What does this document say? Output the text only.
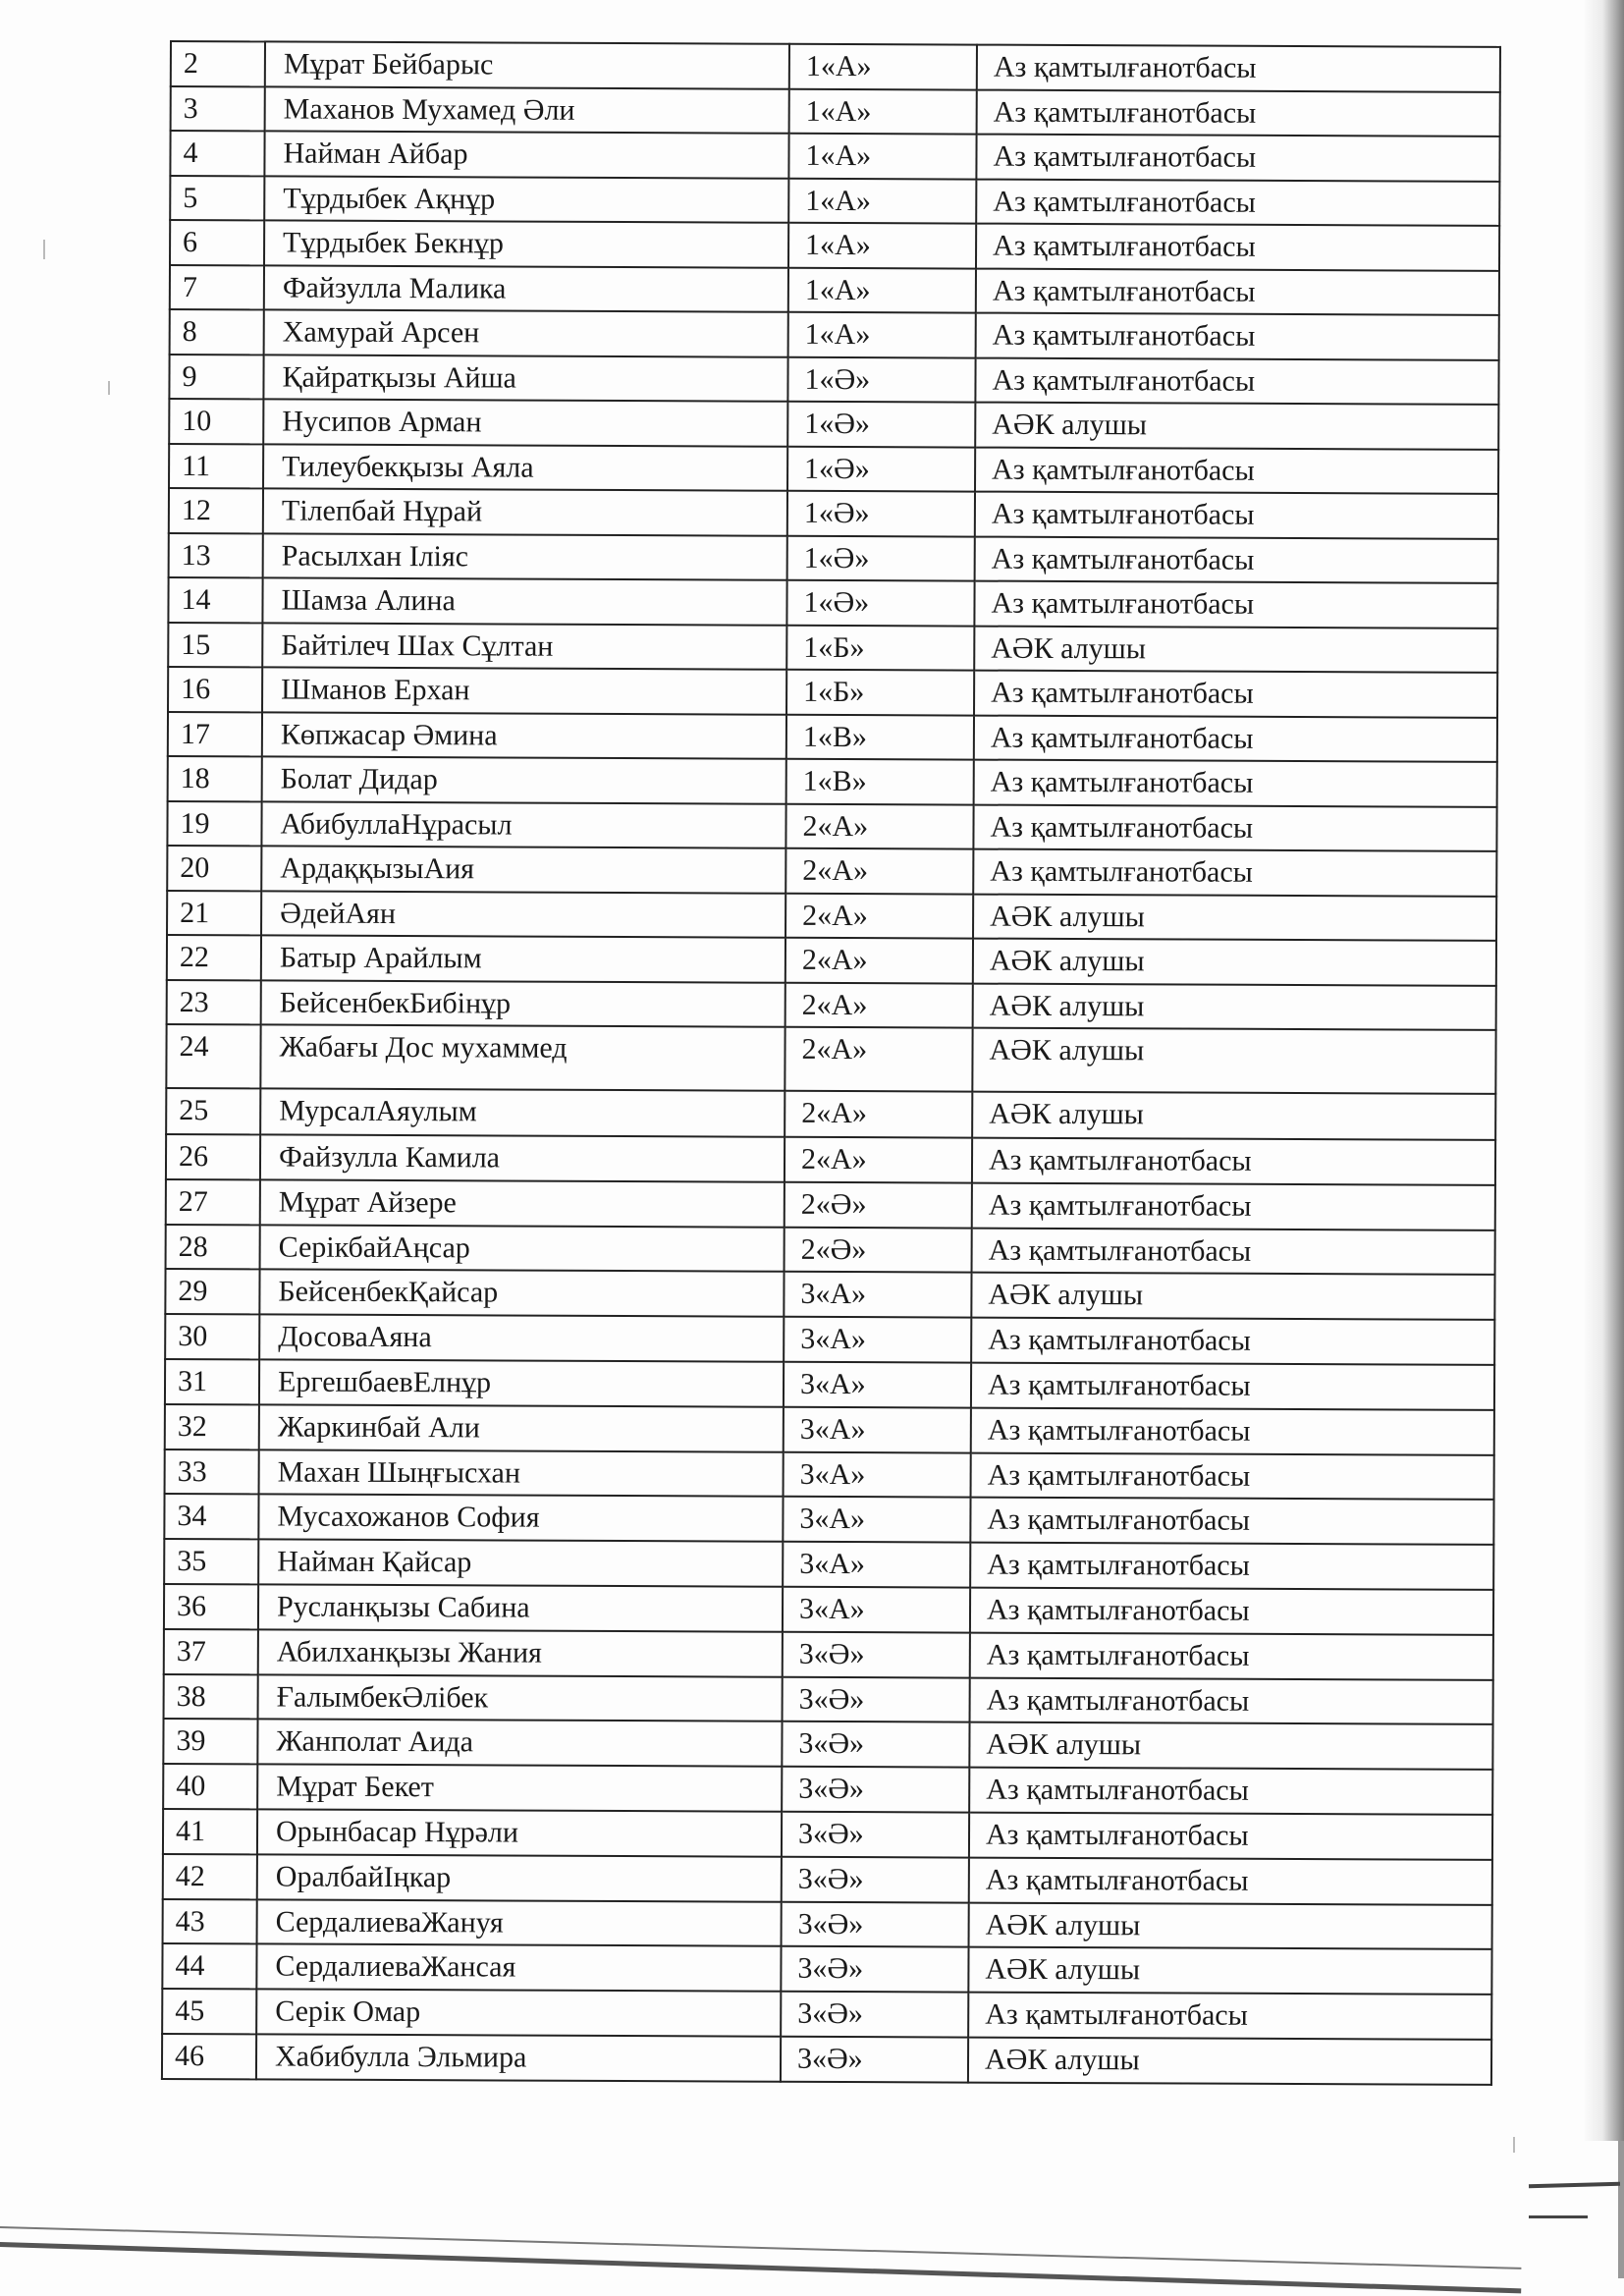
2	Мұрат Бейбарыс	1«А»	Аз қамтылғанотбасы

3	Маханов Мухамед Әли	1«А»	Аз қамтылғанотбасы

4	Найман Айбар	1«А»	Аз қамтылғанотбасы

5	Тұрдыбек Ақнұр	1«А»	Аз қамтылғанотбасы

6	Тұрдыбек Бекнұр	1«А»	Аз қамтылғанотбасы

7	Файзулла Малика	1«А»	Аз қамтылғанотбасы

8	Хамурай Арсен	1«А»	Аз қамтылғанотбасы

9	Қайратқызы Айша	1«Ә»	Аз қамтылғанотбасы

10	Нусипов Арман	1«Ә»	АӘК алушы

11	Тилеубекқызы Аяла	1«Ә»	Аз қамтылғанотбасы

12	Тілепбай Нұрай	1«Ә»	Аз қамтылғанотбасы

13	Расылхан Іліяс	1«Ә»	Аз қамтылғанотбасы

14	Шамза Алина	1«Ә»	Аз қамтылғанотбасы

15	Байтілеч Шах Сұлтан	1«Б»	АӘК алушы

16	Шманов Ерхан	1«Б»	Аз қамтылғанотбасы

17	Көпжасар Әмина	1«В»	Аз қамтылғанотбасы

18	Болат Дидар	1«В»	Аз қамтылғанотбасы

19	АбибуллаНұрасыл	2«А»	Аз қамтылғанотбасы

20	АрдаққызыАия	2«А»	Аз қамтылғанотбасы

21	ӘдейАян	2«А»	АӘК алушы

22	Батыр Арайлым	2«А»	АӘК алушы

23	БейсенбекБибінұр	2«А»	АӘК алушы

24	Жабағы Дос мухаммед	2«А»	АӘК алушы

25	МурсалАяулым	2«А»	АӘК алушы

26	Файзулла Камила	2«А»	Аз қамтылғанотбасы

27	Мұрат Айзере	2«Ә»	Аз қамтылғанотбасы

28	СерікбайАңсар	2«Ә»	Аз қамтылғанотбасы

29	БейсенбекҚайсар	3«А»	АӘК алушы

30	ДосоваАяна	3«А»	Аз қамтылғанотбасы

31	ЕргешбаевЕлнұр	3«А»	Аз қамтылғанотбасы

32	Жаркинбай Али	3«А»	Аз қамтылғанотбасы

33	Махан Шыңғысхан	3«А»	Аз қамтылғанотбасы

34	Мусахожанов София	3«А»	Аз қамтылғанотбасы

35	Найман Қайсар	3«А»	Аз қамтылғанотбасы

36	Русланқызы Сабина	3«А»	Аз қамтылғанотбасы

37	Абилханқызы Жания	3«Ә»	Аз қамтылғанотбасы

38	ҒалымбекӘлібек	3«Ә»	Аз қамтылғанотбасы

39	Жанполат Аида	3«Ә»	АӘК алушы

40	Мұрат Бекет	3«Ә»	Аз қамтылғанотбасы

41	Орынбасар Нұрәли	3«Ә»	Аз қамтылғанотбасы

42	ОралбайІңкар	3«Ә»	Аз қамтылғанотбасы

43	СердалиеваЖануя	3«Ә»	АӘК алушы

44	СердалиеваЖансая	3«Ә»	АӘК алушы

45	Серік Омар	3«Ә»	Аз қамтылғанотбасы

46	Хабибулла Эльмира	3«Ә»	АӘК алушы
